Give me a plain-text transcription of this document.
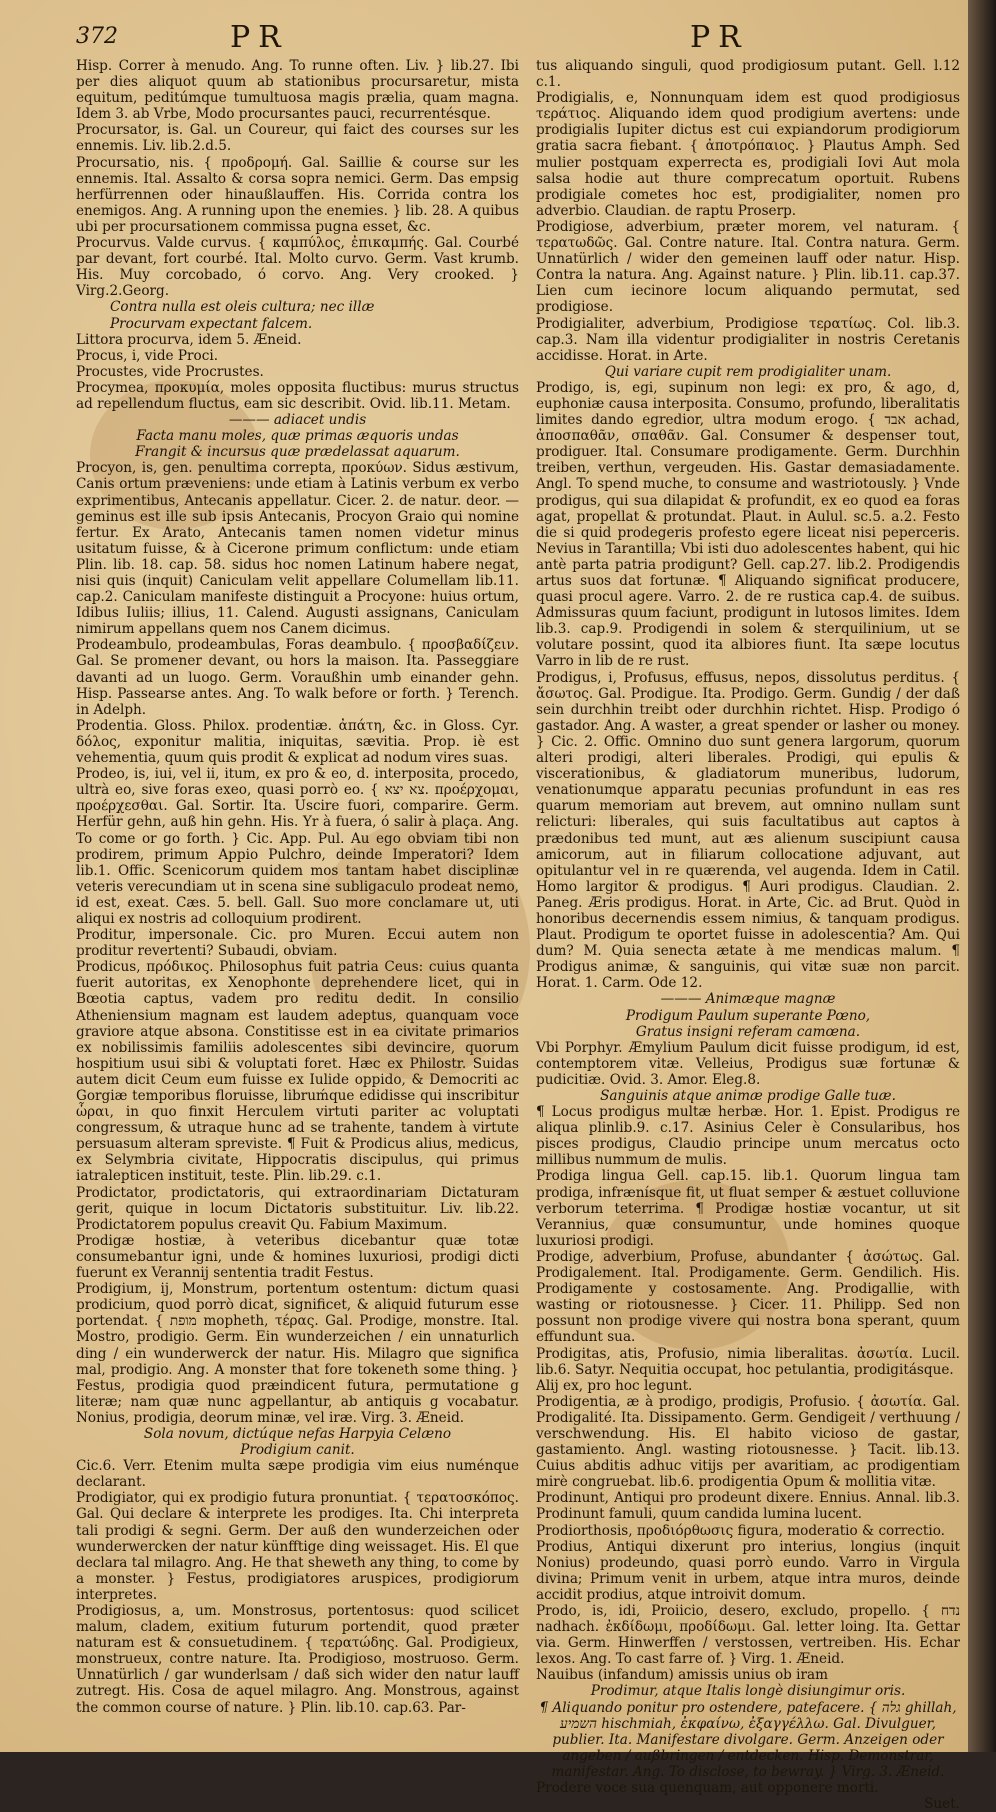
372	PR	PR

Hisp. Correr à menudo. Ang. To runne often. Liv. } lib.27. Ibi per dies aliquot quum ab stationibus procursaretur, mista equitum, peditúmque tumultuosa magis prælia, quam magna. Idem 3. ab Vrbe, Modo procursantes pauci, recurrentésque.

Procursator, is. Gal. un Coureur, qui faict des courses sur les ennemis. Liv. lib.2.d.5.

Procursatio, nis. { προδρομή. Gal. Saillie & course sur les ennemis. Ital. Assalto & corsa sopra nemici. Germ. Das empsig herfürrennen oder hinaußlauffen. His. Corrida contra los enemigos. Ang. A running upon the enemies. } lib. 28. A quibus ubi per procursationem commissa pugna esset, &c.

Procurvus. Valde curvus. { καμπύλος, ἐπικαμπής. Gal. Courbé par devant, fort courbé. Ital. Molto curvo. Germ. Vast krumb. His. Muy corcobado, ó corvo. Ang. Very crooked. } Virg.2.Georg.

Contra nulla est oleis cultura; nec illæ

Procurvam expectant falcem.

Littora procurva, idem 5. Æneid.

Procus, i, vide Proci.

Procustes, vide Procrustes.

Procymea, προκυμία, moles opposita fluctibus: murus structus ad repellendum fluctus, eam sic describit. Ovid. lib.11. Metam.

——— adiacet undis

Facta manu moles, quæ primas æquoris undas

Frangit & incursus quæ prædelassat aquarum.

Procyon, is, gen. penultima correpta, προκύων. Sidus æstivum, Canis ortum præveniens: unde etiam à Latinis verbum ex verbo exprimentibus, Antecanis appellatur. Cicer. 2. de natur. deor. — geminus est ille sub ipsis Antecanis, Procyon Graio qui nomine fertur. Ex Arato, Antecanis tamen nomen videtur minus usitatum fuisse, & à Cicerone primum conflictum: unde etiam Plin. lib. 18. cap. 58. sidus hoc nomen Latinum habere negat, nisi quis (inquit) Caniculam velit appellare Columellam lib.11. cap.2. Caniculam manifeste distinguit a Procyone: huius ortum, Idibus Iuliis; illius, 11. Calend. Augusti assignans, Caniculam nimirum appellans quem nos Canem dicimus.

Prodeambulo, prodeambulas, Foras deambulo. { προσβαδίζειν. Gal. Se promener devant, ou hors la maison. Ita. Passeggiare davanti ad un luogo. Germ. Voraußhin umb einander gehn. Hisp. Passearse antes. Ang. To walk before or forth. } Terench. in Adelph.

Prodentia. Gloss. Philox. prodentiæ. ἀπάτη, &c. in Gloss. Cyr. δόλος, exponitur malitia, iniquitas, sævitia. Prop. iè est vehementia, quum quis prodit & explicat ad nodum vires suas.

Prodeo, is, iui, vel ii, itum, ex pro & eo, d. interposita, procedo, ultrà eo, sive foras exeo, quasi porrò eo. { צא יצא. προέρχομαι, προέρχεσθαι. Gal. Sortir. Ita. Uscire fuori, comparire. Germ. Herfür gehn, auß hin gehn. His. Yr à fuera, ó salir à plaça. Ang. To come or go forth. } Cic. App. Pul. Au ego obviam tibi non prodirem, primum Appio Pulchro, deinde Imperatori? Idem lib.1. Offic. Scenicorum quidem mos tantam habet disciplinæ veteris verecundiam ut in scena sine subligaculo prodeat nemo, id est, exeat. Cæs. 5. bell. Gall. Suo more conclamare ut, uti aliqui ex nostris ad colloquium prodirent.

Proditur, impersonale. Cic. pro Muren. Eccui autem non proditur revertenti? Subaudi, obviam.

Prodicus, πρόδικος. Philosophus fuit patria Ceus: cuius quanta fuerit autoritas, ex Xenophonte deprehendere licet, qui in Bœotia captus, vadem pro reditu dedit. In consilio Atheniensium magnam est laudem adeptus, quanquam voce graviore atque absona. Constitisse est in ea civitate primarios ex nobilissimis familiis adolescentes sibi devincire, quorum hospitium usui sibi & voluptati foret. Hæc ex Philostr. Suidas autem dicit Ceum eum fuisse ex Iulide oppido, & Democriti ac Gorgiæ temporibus floruisse, libruḿque edidisse qui inscribitur ὧραι, in quo finxit Herculem virtuti pariter ac voluptati congressum, & utraque hunc ad se trahente, tandem à virtute persuasum alteram spreviste. ¶ Fuit & Prodicus alius, medicus, ex Selymbria civitate, Hippocratis discipulus, qui primus iatralepticen instituit, teste. Plin. lib.29. c.1.

Prodictator, prodictatoris, qui extraordinariam Dictaturam gerit, quique in locum Dictatoris substituitur. Liv. lib.22. Prodictatorem populus creavit Qu. Fabium Maximum.

Prodigæ hostiæ, à veteribus dicebantur quæ totæ consumebantur igni, unde & homines luxuriosi, prodigi dicti fuerunt ex Verannij sententia tradit Festus.

Prodigium, ij, Monstrum, portentum ostentum: dictum quasi prodicium, quod porrò dicat, significet, & aliquid futurum esse portendat. { מופת mopheth, τέρας. Gal. Prodige, monstre. Ital. Mostro, prodigio. Germ. Ein wunderzeichen / ein unnaturlich ding / ein wunderwerck der natur. His. Milagro que significa mal, prodigio. Ang. A monster that fore tokeneth some thing. } Festus, prodigia quod præindicent futura, permutatione g literæ; nam quæ nunc agpellantur, ab antiquis g vocabatur. Nonius, prodigia, deorum minæ, vel iræ. Virg. 3. Æneid.

Sola novum, dictúque nefas Harpyia Celæno

Prodigium canit.

Cic.6. Verr. Etenim multa sæpe prodigia vim eius numénque declarant.

Prodigiator, qui ex prodigio futura pronuntiat. { τερατοσκόπος. Gal. Qui declare & interprete les prodiges. Ita. Chi interpreta tali prodigi & segni. Germ. Der auß den wunderzeichen oder wunderwercken der natur künfftige ding weissaget. His. El que declara tal milagro. Ang. He that sheweth any thing, to come by a monster. } Festus, prodigiatores aruspices, prodigiorum interpretes.

Prodigiosus, a, um. Monstrosus, portentosus: quod scilicet malum, cladem, exitium futurum portendit, quod præter naturam est & consuetudinem. { τερατώδης. Gal. Prodigieux, monstrueux, contre nature. Ita. Prodigioso, mostruoso. Germ. Unnatürlich / gar wunderlsam / daß sich wider den natur lauff zutregt. His. Cosa de aquel milagro. Ang. Monstrous, against the common course of nature. } Plin. lib.10. cap.63. Par-

tus aliquando singuli, quod prodigiosum putant. Gell. l.12 c.1.

Prodigialis, e, Nonnunquam idem est quod prodigiosus τεράτιος. Aliquando idem quod prodigium avertens: unde prodigialis Iupiter dictus est cui expiandorum prodigiorum gratia sacra fiebant. { ἀποτρόπαιος. } Plautus Amph. Sed mulier postquam experrecta es, prodigiali Iovi Aut mola salsa hodie aut thure comprecatum oportuit. Rubens prodigiale cometes hoc est, prodigialiter, nomen pro adverbio. Claudian. de raptu Proserp.

Prodigiose, adverbium, præter morem, vel naturam. { τερατωδῶς. Gal. Contre nature. Ital. Contra natura. Germ. Unnatürlich / wider den gemeinen lauff oder natur. Hisp. Contra la natura. Ang. Against nature. } Plin. lib.11. cap.37. Lien cum iecinore locum aliquando permutat, sed prodigiose.

Prodigialiter, adverbium, Prodigiose τερατίως. Col. lib.3. cap.3. Nam illa videntur prodigialiter in nostris Ceretanis accidisse. Horat. in Arte.

Qui variare cupit rem prodigialiter unam.

Prodigo, is, egi, supinum non legi: ex pro, & ago, d, euphoniæ causa interposita. Consumo, profundo, liberalitatis limites dando egredior, ultra modum erogo. { אבד achad, ἀποσπαθᾶν, σπαθᾶν. Gal. Consumer & despenser tout, prodiguer. Ital. Consumare prodigamente. Germ. Durchhin treiben, verthun, vergeuden. His. Gastar demasiadamente. Angl. To spend muche, to consume and wastriotously. } Vnde prodigus, qui sua dilapidat & profundit, ex eo quod ea foras agat, propellat & protundat. Plaut. in Aulul. sc.5. a.2. Festo die si quid prodegeris profesto egere liceat nisi peperceris. Nevius in Tarantilla; Vbi isti duo adolescentes habent, qui hic antè parta patria prodigunt? Gell. cap.27. lib.2. Prodigendis artus suos dat fortunæ. ¶ Aliquando significat producere, quasi procul agere. Varro. 2. de re rustica cap.4. de suibus. Admissuras quum faciunt, prodigunt in lutosos limites. Idem lib.3. cap.9. Prodigendi in solem & sterquilinium, ut se volutare possint, quod ita albiores fiunt. Ita sæpe locutus Varro in lib de re rust.

Prodigus, i, Profusus, effusus, nepos, dissolutus perditus. { ἄσωτος. Gal. Prodigue. Ita. Prodigo. Germ. Gundig / der daß sein durchhin treibt oder durchhin richtet. Hisp. Prodigo ó gastador. Ang. A waster, a great spender or lasher ou money. } Cic. 2. Offic. Omnino duo sunt genera largorum, quorum alteri prodigi, alteri liberales. Prodigi, qui epulis & viscerationibus, & gladiatorum muneribus, ludorum, venationumque apparatu pecunias profundunt in eas res quarum memoriam aut brevem, aut omnino nullam sunt relicturi: liberales, qui suis facultatibus aut captos à prædonibus ted munt, aut æs alienum suscipiunt causa amicorum, aut in filiarum collocatione adjuvant, aut opitulantur vel in re quærenda, vel augenda. Idem in Catil. Homo largitor & prodigus. ¶ Auri prodigus. Claudian. 2. Paneg. Æris prodigus. Horat. in Arte, Cic. ad Brut. Quòd in honoribus decernendis essem nimius, & tanquam prodigus. Plaut. Prodigum te oportet fuisse in adolescentia? Am. Qui dum? M. Quia senecta ætate à me mendicas malum. ¶ Prodigus animæ, & sanguinis, qui vitæ suæ non parcit. Horat. 1. Carm. Ode 12.

——— Animæque magnæ

Prodigum Paulum superante Pœno,

Gratus insigni referam camœna.

Vbi Porphyr. Æmylium Paulum dicit fuisse prodigum, id est, contemptorem vitæ. Velleius, Prodigus suæ fortunæ & pudicitiæ. Ovid. 3. Amor. Eleg.8.

Sanguinis atque animæ prodige Galle tuæ.

¶ Locus prodigus multæ herbæ. Hor. 1. Epist. Prodigus re aliqua plinlib.9. c.17. Asinius Celer è Consularibus, hos pisces prodigus, Claudio principe unum mercatus octo millibus nummum de mulis.

Prodiga lingua Gell. cap.15. lib.1. Quorum lingua tam prodiga, infrænísque fit, ut fluat semper & æstuet colluvione verborum teterrima. ¶ Prodigæ hostiæ vocantur, ut sit Verannius, quæ consumuntur, unde homines quoque luxuriosi prodigi.

Prodige, adverbium, Profuse, abundanter { ἀσώτως. Gal. Prodigalement. Ital. Prodigamente. Germ. Gendilich. His. Prodigamente y costosamente. Ang. Prodigallie, with wasting or riotousnesse. } Cicer. 11. Philipp. Sed non possunt non prodige vivere qui nostra bona sperant, quum effundunt sua.

Prodigitas, atis, Profusio, nimia liberalitas. ἀσωτία. Lucil. lib.6. Satyr. Nequitia occupat, hoc petulantia, prodigitásque.

Alij ex, pro hoc legunt.

Prodigentia, æ à prodigo, prodigis, Profusio. { ἀσωτία. Gal. Prodigalité. Ita. Dissipamento. Germ. Gendigeit / verthuung / verschwendung. His. El habito vicioso de gastar, gastamiento. Angl. wasting riotousnesse. } Tacit. lib.13. Cuius abditis adhuc vitijs per avaritiam, ac prodigentiam mirè congruebat. lib.6. prodigentia Opum & mollitia vitæ.

Prodinunt, Antiqui pro prodeunt dixere. Ennius. Annal. lib.3. Prodinunt famuli, quum candida lumina lucent.

Prodiorthosis, προδιόρθωσις figura, moderatio & correctio.

Prodius, Antiqui dixerunt pro interius, longius (inquit Nonius) prodeundo, quasi porrò eundo. Varro in Virgula divina; Primum venit in urbem, atque intra muros, deinde accidit prodius, atque introivit domum.

Prodo, is, idi, Proiicio, desero, excludo, propello. { נדח nadhach. ἐκδίδωμι, προδίδωμι. Gal. letter loing. Ita. Gettar via. Germ. Hinwerffen / verstossen, vertreiben. His. Echar lexos. Ang. To cast farre of. } Virg. 1. Æneid.

Nauibus (infandum) amissis unius ob iram

Prodimur, atque Italis longè disiungimur oris.

¶ Aliquando ponitur pro ostendere, patefacere. { גלה ghillah, השמיע hischmiah, ἐκφαίνω, ἐξαγγέλλω. Gal. Divulguer, publier. Ita. Manifestare divolgare. Germ. Anzeigen oder angeben / außbringen / entdecken. Hisp. Demonstrar, manifestar. Ang. To disclose, to bewray. } Virg. 3. Æneid.

Prodere voce sua quenquam, aut opponere morti.

Suet.
